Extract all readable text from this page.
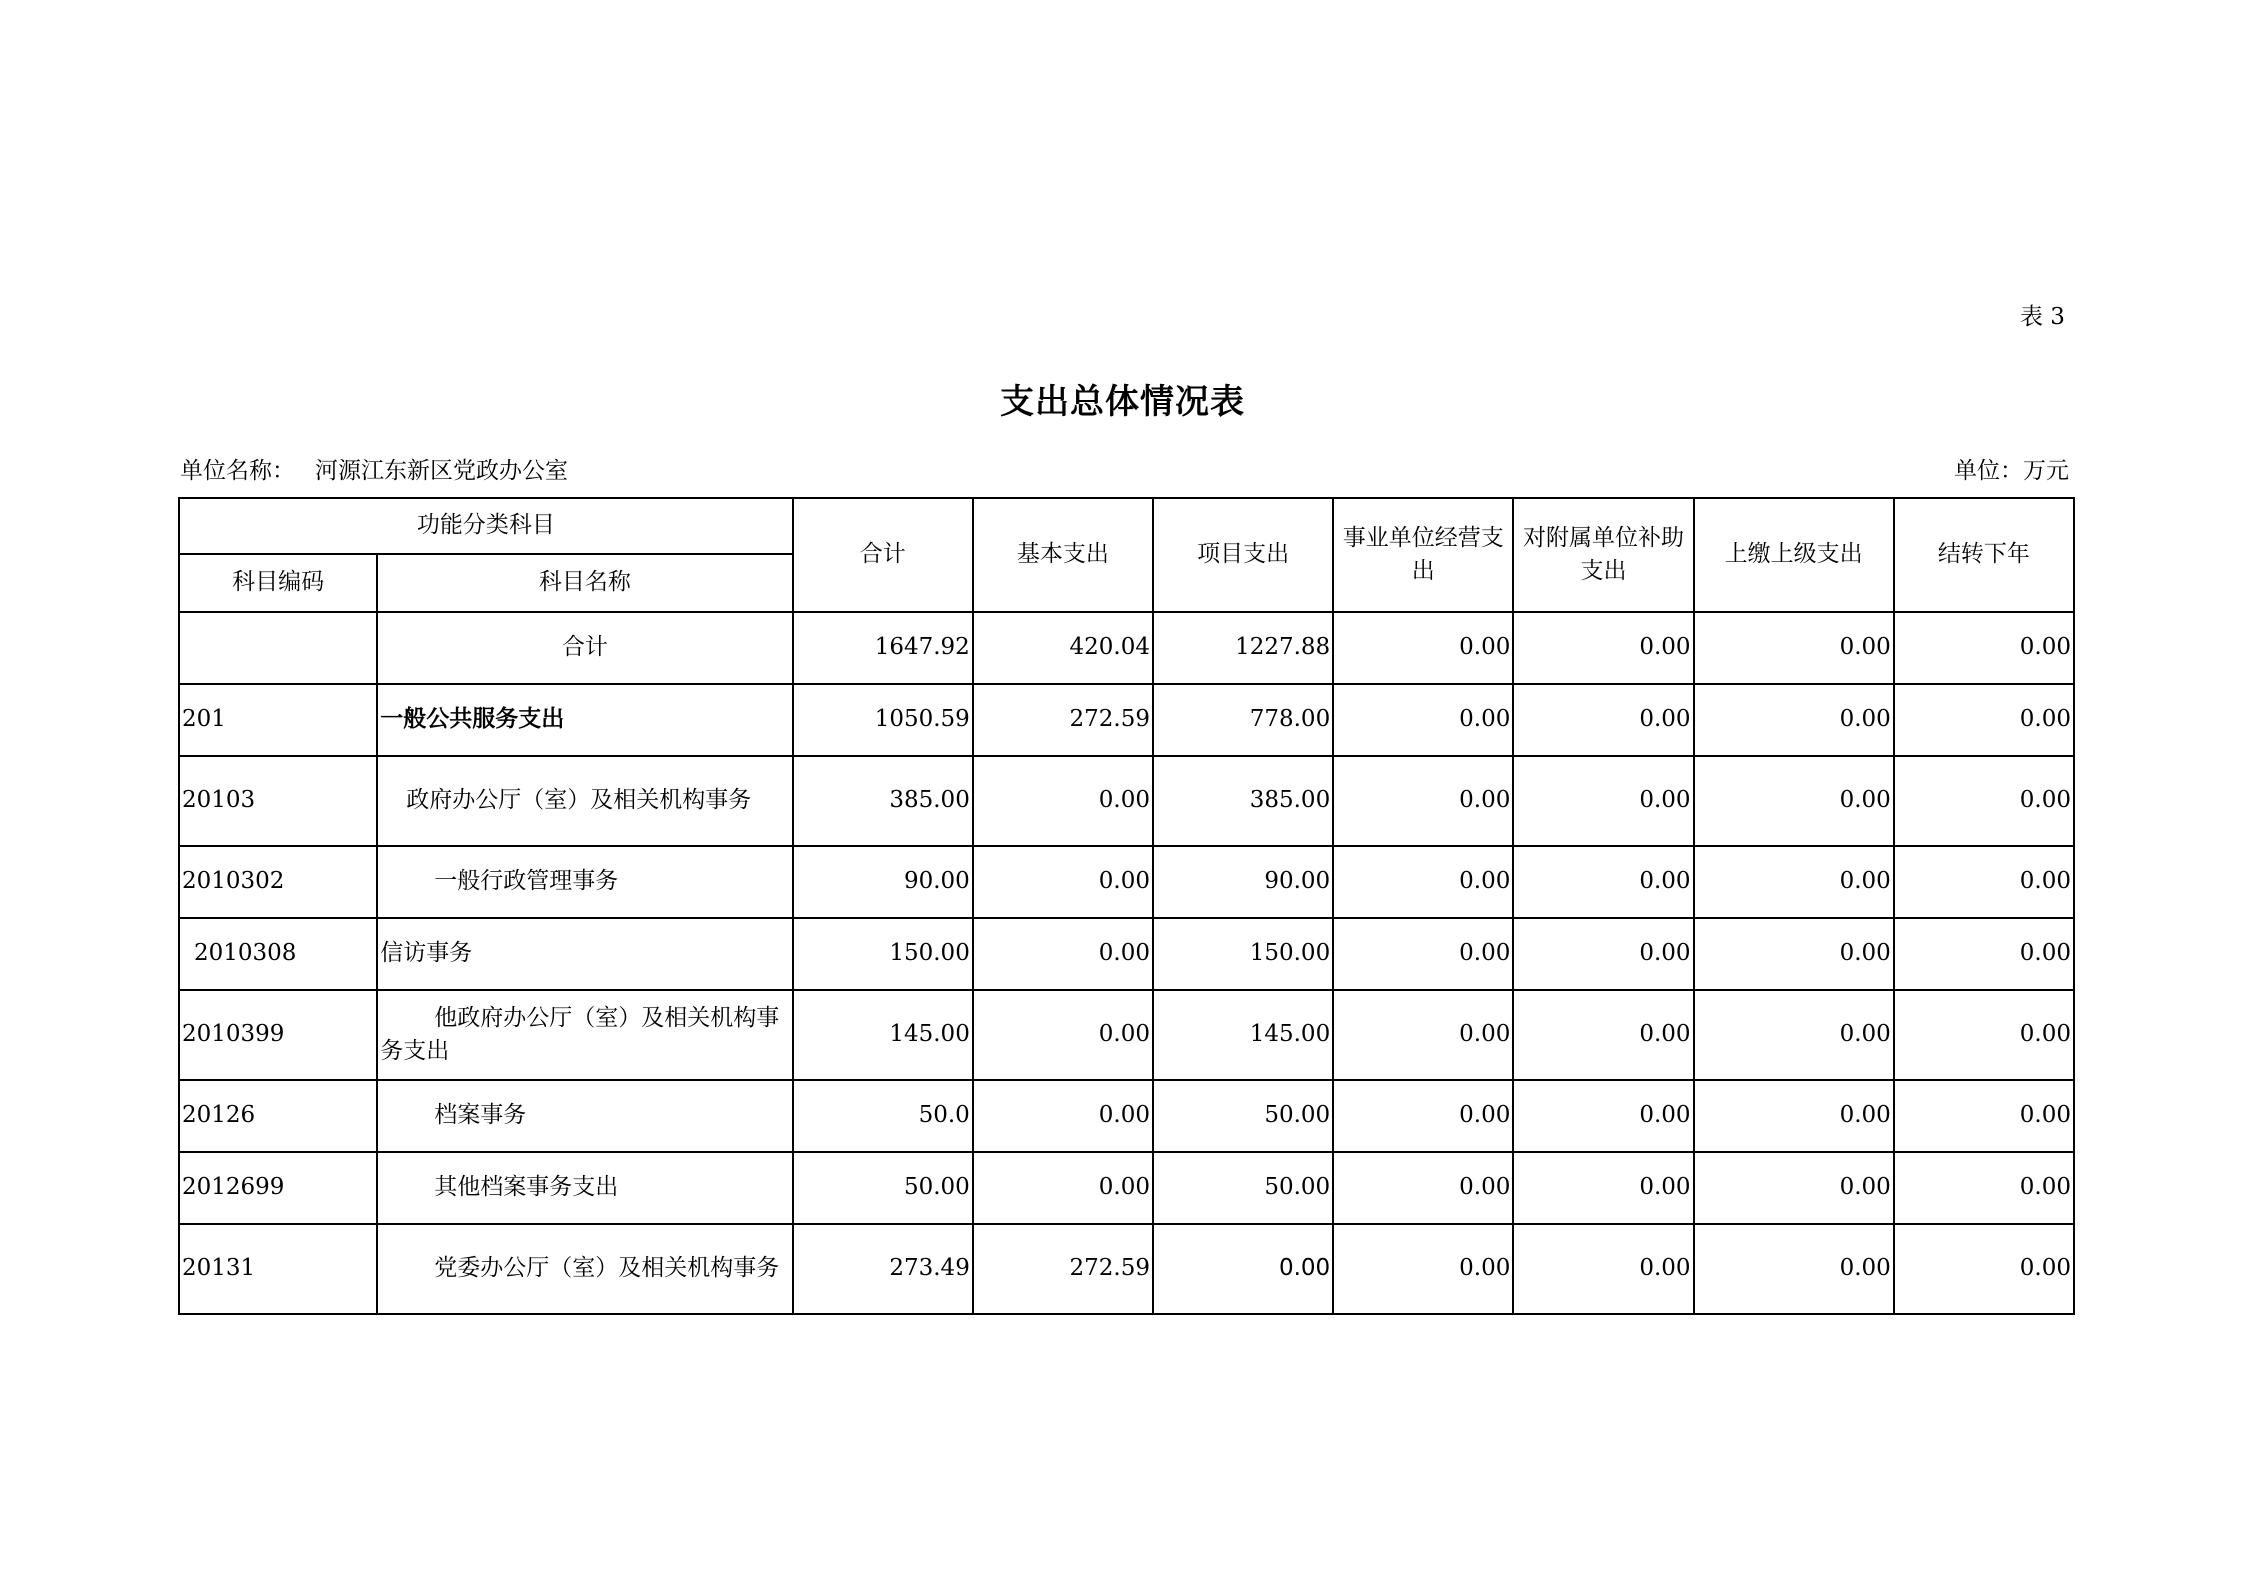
表 3
支出总体情况表
单位名称： 河源江东新区党政办公室	单位：万元
功能分类科目		合计	基本支出	项目支出	事业单位经营支出	对附属单位补助支出	上缴上级支出	结转下年
科目编码	科目名称							
	合计	1647.92	420.04	1227.88	0.00	0.00	0.00	0.00
201	一般公共服务支出	1050.59	272.59	778.00	0.00	0.00	0.00	0.00
20103	政府办公厅（室）及相关机构事务	385.00	0.00	385.00	0.00	0.00	0.00	0.00
2010302	一般行政管理事务	90.00	0.00	90.00	0.00	0.00	0.00	0.00
2010308	信访事务	150.00	0.00	150.00	0.00	0.00	0.00	0.00
2010399	他政府办公厅（室）及相关机构事务支出	145.00	0.00	145.00	0.00	0.00	0.00	0.00
20126	档案事务	50.0	0.00	50.00	0.00	0.00	0.00	0.00
2012699	其他档案事务支出	50.00	0.00	50.00	0.00	0.00	0.00	0.00
20131	党委办公厅（室）及相关机构事务	273.49	272.59	0.00	0.00	0.00	0.00	0.00
